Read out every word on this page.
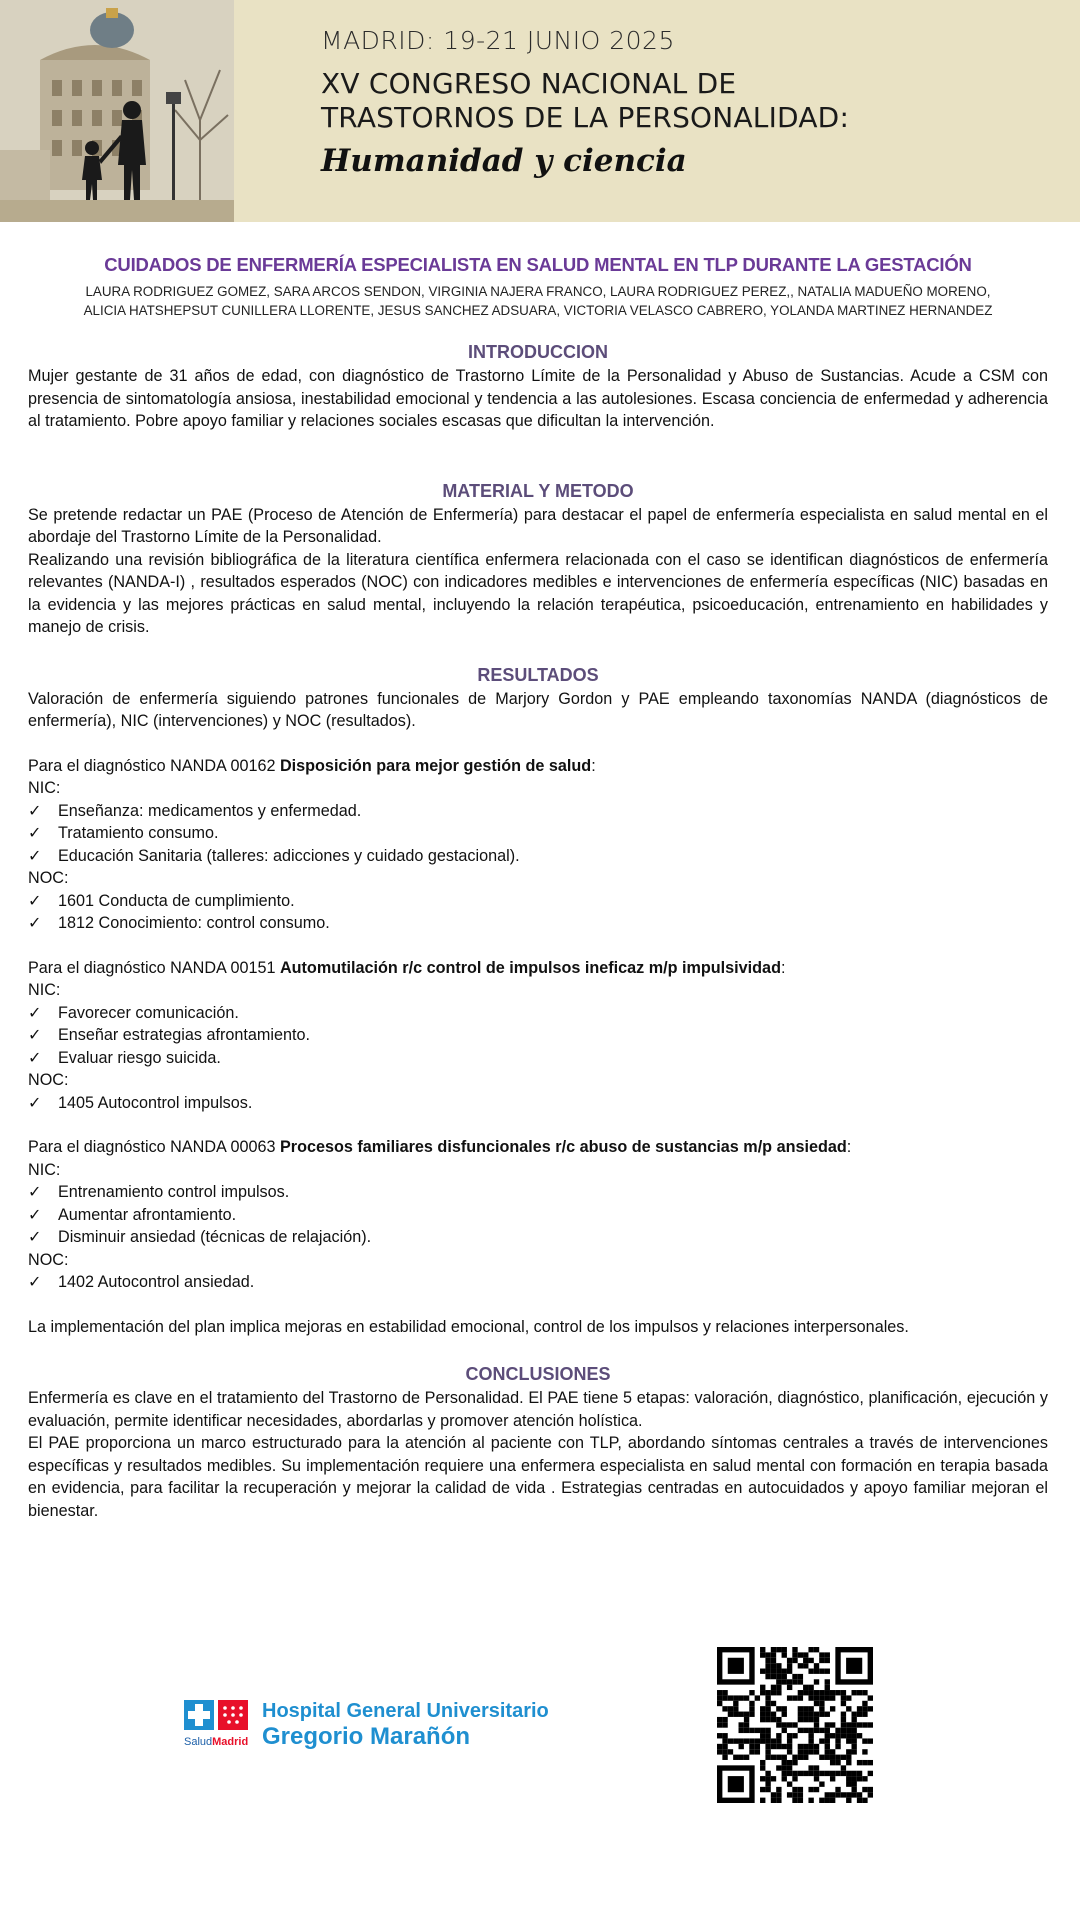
MADRID: 19-21 JUNIO 2025
XV CONGRESO NACIONAL DE
TRASTORNOS DE LA PERSONALIDAD:
Humanidad y ciencia
CUIDADOS DE ENFERMERÍA ESPECIALISTA EN SALUD MENTAL EN TLP DURANTE LA GESTACIÓN
LAURA RODRIGUEZ GOMEZ, SARA ARCOS SENDON, VIRGINIA NAJERA FRANCO, LAURA RODRIGUEZ PEREZ,, NATALIA MADUEÑO MORENO,
ALICIA HATSHEPSUT CUNILLERA LLORENTE, JESUS SANCHEZ ADSUARA, VICTORIA VELASCO CABRERO, YOLANDA MARTINEZ HERNANDEZ
INTRODUCCION

Mujer gestante de 31 años de edad, con diagnóstico de Trastorno Límite de la Personalidad y Abuso de Sustancias. Acude a CSM con presencia de sintomatología ansiosa, inestabilidad emocional y tendencia a las autolesiones. Escasa conciencia de enfermedad y adherencia al tratamiento. Pobre apoyo familiar y relaciones sociales escasas que dificultan la intervención.

MATERIAL Y METODO

Se pretende redactar un PAE (Proceso de Atención de Enfermería) para destacar el papel de enfermería especialista en salud mental en el abordaje del Trastorno Límite de la Personalidad.

Realizando una revisión bibliográfica de la literatura científica enfermera relacionada con el caso se identifican diagnósticos de enfermería relevantes (NANDA-I) , resultados esperados (NOC) con indicadores medibles e intervenciones de enfermería específicas (NIC) basadas en la evidencia y las mejores prácticas en salud mental, incluyendo la relación terapéutica, psicoeducación, entrenamiento en habilidades y manejo de crisis.

RESULTADOS

Valoración de enfermería siguiendo patrones funcionales de Marjory Gordon y PAE empleando taxonomías NANDA (diagnósticos de enfermería), NIC (intervenciones) y NOC (resultados).

Para el diagnóstico NANDA 00162 Disposición para mejor gestión de salud:
NIC:
✓	Enseñanza: medicamentos y enfermedad.
✓	Tratamiento consumo.
✓	Educación Sanitaria (talleres: adicciones y cuidado gestacional).
NOC:
✓	1601 Conducta de cumplimiento.
✓	1812 Conocimiento: control consumo.
Para el diagnóstico NANDA 00151 Automutilación r/c control de impulsos ineficaz m/p impulsividad:
NIC:
✓	Favorecer comunicación.
✓	Enseñar estrategias afrontamiento.
✓	Evaluar riesgo suicida.
NOC:
✓	1405 Autocontrol impulsos.
Para el diagnóstico NANDA 00063 Procesos familiares disfuncionales r/c abuso de sustancias m/p ansiedad:
NIC:
✓	Entrenamiento control impulsos.
✓	Aumentar afrontamiento.
✓	Disminuir ansiedad (técnicas de relajación).
NOC:
✓	1402 Autocontrol ansiedad.

La implementación del plan implica mejoras en estabilidad emocional, control de los impulsos y relaciones interpersonales.

CONCLUSIONES

Enfermería es clave en el tratamiento del Trastorno de Personalidad. El PAE tiene 5 etapas: valoración, diagnóstico, planificación, ejecución y evaluación, permite identificar necesidades, abordarlas y promover atención holística.

El PAE proporciona un marco estructurado para la atención al paciente con TLP, abordando síntomas centrales a través de intervenciones específicas y resultados medibles. Su implementación requiere una enfermera especialista en salud mental con formación en terapia basada en evidencia, para facilitar la recuperación y mejorar la calidad de vida . Estrategias centradas en autocuidados y apoyo familiar mejoran el bienestar.

SaludMadrid
Hospital General Universitario
Gregorio Marañón
